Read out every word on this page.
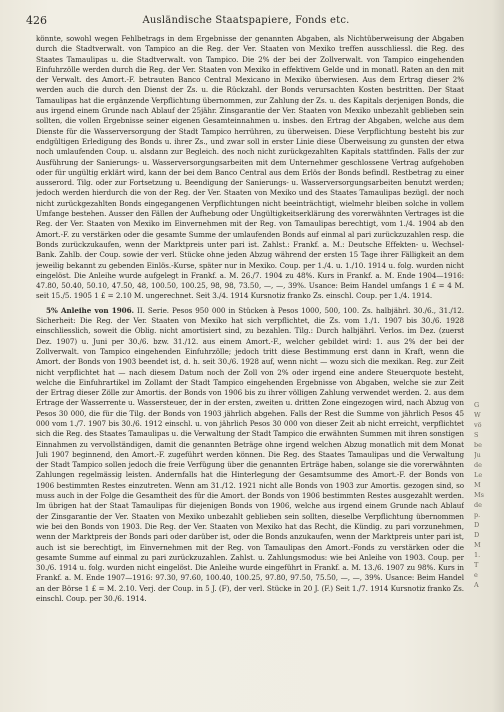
426	Ausländische Staatspapiere, Fonds etc.

könnte, sowohl wegen Fehlbetrags in dem Ergebnisse der genannten Abgaben, als Nichtüberweisung der Abgaben durch die Stadtverwalt. von Tampico an die Reg. der Ver. Staaten von Mexiko treffen ausschliessl. die Reg. des Staates Tamaulipas u. die Stadtverwalt. von Tampico. Die 2% der bei der Zollverwalt. von Tampico eingehenden Einfuhrzölle werden durch die Reg. der Ver. Staaten von Mexiko in effektivem Gelde und in monatl. Raten an den mit der Verwalt. des Amort.-F. betrauten Banco Central Mexicano in Mexiko überwiesen. Aus dem Ertrag dieser 2% werden auch die durch den Dienst der Zs. u. die Rückzahl. der Bonds verursachten Kosten bestritten. Der Staat Tamaulipas hat die ergänzende Verpflichtung übernommen, zur Zahlung der Zs. u. des Kapitals derjenigen Bonds, die aus irgend einem Grunde nach Ablauf der 25jähr. Zinsgarantie der Ver. Staaten von Mexiko unbezahlt geblieben sein sollten, die vollen Ergebnisse seiner eigenen Gesamteinnahmen u. insbes. den Ertrag der Abgaben, welche aus dem Dienste für die Wasserversorgung der Stadt Tampico herrühren, zu überweisen. Diese Verpflichtung besteht bis zur endgültigen Erledigung des Bonds u. ihrer Zs., und zwar soll in erster Linie diese Überweisung zu gunsten der etwa noch umlaufenden Coup. u. alsdann zur Begleich. des noch nicht zurückgezahlten Kapitals stattfinden. Falls der zur Ausführung der Sanierungs- u. Wasserversorgungsarbeiten mit dem Unternehmer geschlossene Vertrag aufgehoben oder für ungültig erklärt wird, kann der bei dem Banco Central aus dem Erlös der Bonds befindl. Restbetrag zu einer ausserord. Tilg. oder zur Fortsetzung u. Beendigung der Sanierungs- u. Wasserversorgungsarbeiten benutzt werden; jedoch werden hierdurch die von der Reg. der Ver. Staaten von Mexiko und des Staates Tamaulipas bezügl. der noch nicht zurückgezahlten Bonds eingegangenen Verpflichtungen nicht beeinträchtigt, wielmehr bleiben solche in vollem Umfange bestehen. Ausser den Fällen der Aufhebung oder Ungültigkeitserklärung des vorerwähnten Vertrages ist die Reg. der Ver. Staaten von Mexiko im Einvernehmen mit der Reg. von Tamaulipas berechtigt, vom 1./4. 1904 ab den Amort.-F. zu verstärken oder die gesamte Summe der umlaufenden Bonds auf einmal al pari zurückzuzahlen resp. die Bonds zurückzukaufen, wenn der Marktpreis unter pari ist. Zahlst.: Frankf. a. M.: Deutsche Effekten- u. Wechsel-Bank. Zahlb. der Coup. sowie der verl. Stücke ohne jeden Abzug während der ersten 15 Tage ihrer Fälligkeit an dem jeweilig bekannt zu gebenden Einlös.-Kurse, später nur in Mexiko. Coup. per 1./4. u. 1./10. 1914 u. folg. wurden nicht eingelöst. Die Anleihe wurde aufgelegt in Frankf. a. M. 26./7. 1904 zu 48%. Kurs in Frankf. a. M. Ende 1904—1916: 47.80, 50.40, 50.10, 47.50, 48, 100.50, 100.25, 98, 98, 73.50, —, —, 39%. Usance: Beim Handel umfangs 1 £ = 4 M. seit 15./5. 1905 1 £ = 2.10 M. ungerechnet. Seit 3./4. 1914 Kursnotiz franko Zs. einschl. Coup. per 1./4. 1914.

5% Anleihe von 1906. II. Serie. Pesos 950 000 in Stücken à Pesos 1000, 500, 100. Zs. halbjährl. 30./6., 31./12. Sicherheit: Die Reg. der Ver. Staaten von Mexiko hat sich verpflichtet, die Zs. vom 1./1. 1907 bis 30./6. 1928 einschliesslich, soweit die Oblig. nicht amortisiert sind, zu bezahlen. Tilg.: Durch halbjährl. Verlos. im Dez. (zuerst Dez. 1907) u. Juni per 30./6. bzw. 31./12. aus einem Amort.-F., welcher gebildet wird: 1. aus 2% der bei der Zollverwalt. von Tampico eingehenden Einfuhrzölle; jedoch tritt diese Bestimmung erst dann in Kraft, wenn die Amort. der Bonds von 1903 beendet ist, d. h. seit 30./6. 1928 auf, wenn nicht — wozu sich die mexikan. Reg. zur Zeit nicht verpflichtet hat — nach diesem Datum noch der Zoll von 2% oder irgend eine andere Steuerquote besteht, welche die Einfuhrartikel im Zollamt der Stadt Tampico eingehenden Ergebnisse von Abgaben, welche sie zur Zeit der Ertrag dieser Zölle zur Amortis. der Bonds von 1906 bis zu ihrer völligen Zahlung verwendet werden. 2. aus dem Ertrage der Wasserrente u. Wassersteuer, der in der ersten, zweiten u. dritten Zone eingezogen wird, nach Abzug von Pesos 30 000, die für die Tilg. der Bonds von 1903 jährlich abgehen. Falls der Rest die Summe von jährlich Pesos 45 000 vom 1./7. 1907 bis 30./6. 1912 einschl. u. von jährlich Pesos 30 000 von dieser Zeit ab nicht erreicht, verpflichtet sich die Reg. des Staates Tamaulipas u. die Verwaltung der Stadt Tampico die erwähnten Summen mit ihren sonstigen Einnahmen zu vervollständigen, damit die genannten Beträge ohne irgend welchen Abzug monatlich mit dem Monat Juli 1907 beginnend, den Amort.-F. zugeführt werden können. Die Reg. des Staates Tamaulipas und die Verwaltung der Stadt Tampico sollen jedoch die freie Verfügung über die genannten Erträge haben, solange sie die vorerwähnten Zahlungen regelmässig leisten. Andernfalls hat die Hinterlegung der Gesamtsumme des Amort.-F. der Bonds von 1906 bestimmten Restes einzutreten. Wenn am 31./12. 1921 nicht alle Bonds von 1903 zur Amortis. gezogen sind, so muss auch in der Folge die Gesamtheit des für die Amort. der Bonds von 1906 bestimmten Restes ausgezahlt werden. Im übrigen hat der Staat Tamaulipas für diejenigen Bonds von 1906, welche aus irgend einem Grunde nach Ablauf der Zinsgarantie der Ver. Staaten von Mexiko unbezahlt geblieben sein sollten, dieselbe Verpflichtung übernommen wie bei den Bonds von 1903. Die Reg. der Ver. Staaten von Mexiko hat das Recht, die Kündig. zu pari vorzunehmen, wenn der Marktpreis der Bonds pari oder darüber ist, oder die Bonds anzukaufen, wenn der Marktpreis unter pari ist, auch ist sie berechtigt, im Einvernehmen mit der Reg. von Tamaulipas den Amort.-Fonds zu verstärken oder die gesamte Summe auf einmal zu pari zurückzuzahlen. Zahlst. u. Zahlungsmodus: wie bei Anleihe von 1903. Coup. per 30./6. 1914 u. folg. wurden nicht eingelöst. Die Anleihe wurde eingeführt in Frankf. a. M. 13./6. 1907 zu 98%. Kurs in Frankf. a. M. Ende 1907—1916: 97.30, 97.60, 100.40, 100.25, 97.80, 97.50, 75.50, —, —, 39%. Usance: Beim Handel an der Börse 1 £ = M. 2.10. Verj. der Coup. in 5 J. (F), der verl. Stücke in 20 J. (F.) Seit 1./7. 1914 Kursnotiz franko Zs. einschl. Coup. per 30./6. 1914.

G
W
vö
S
be
Ju
de
Le
M
Ms
de
p.
D
D
M
1.
T
e
A
